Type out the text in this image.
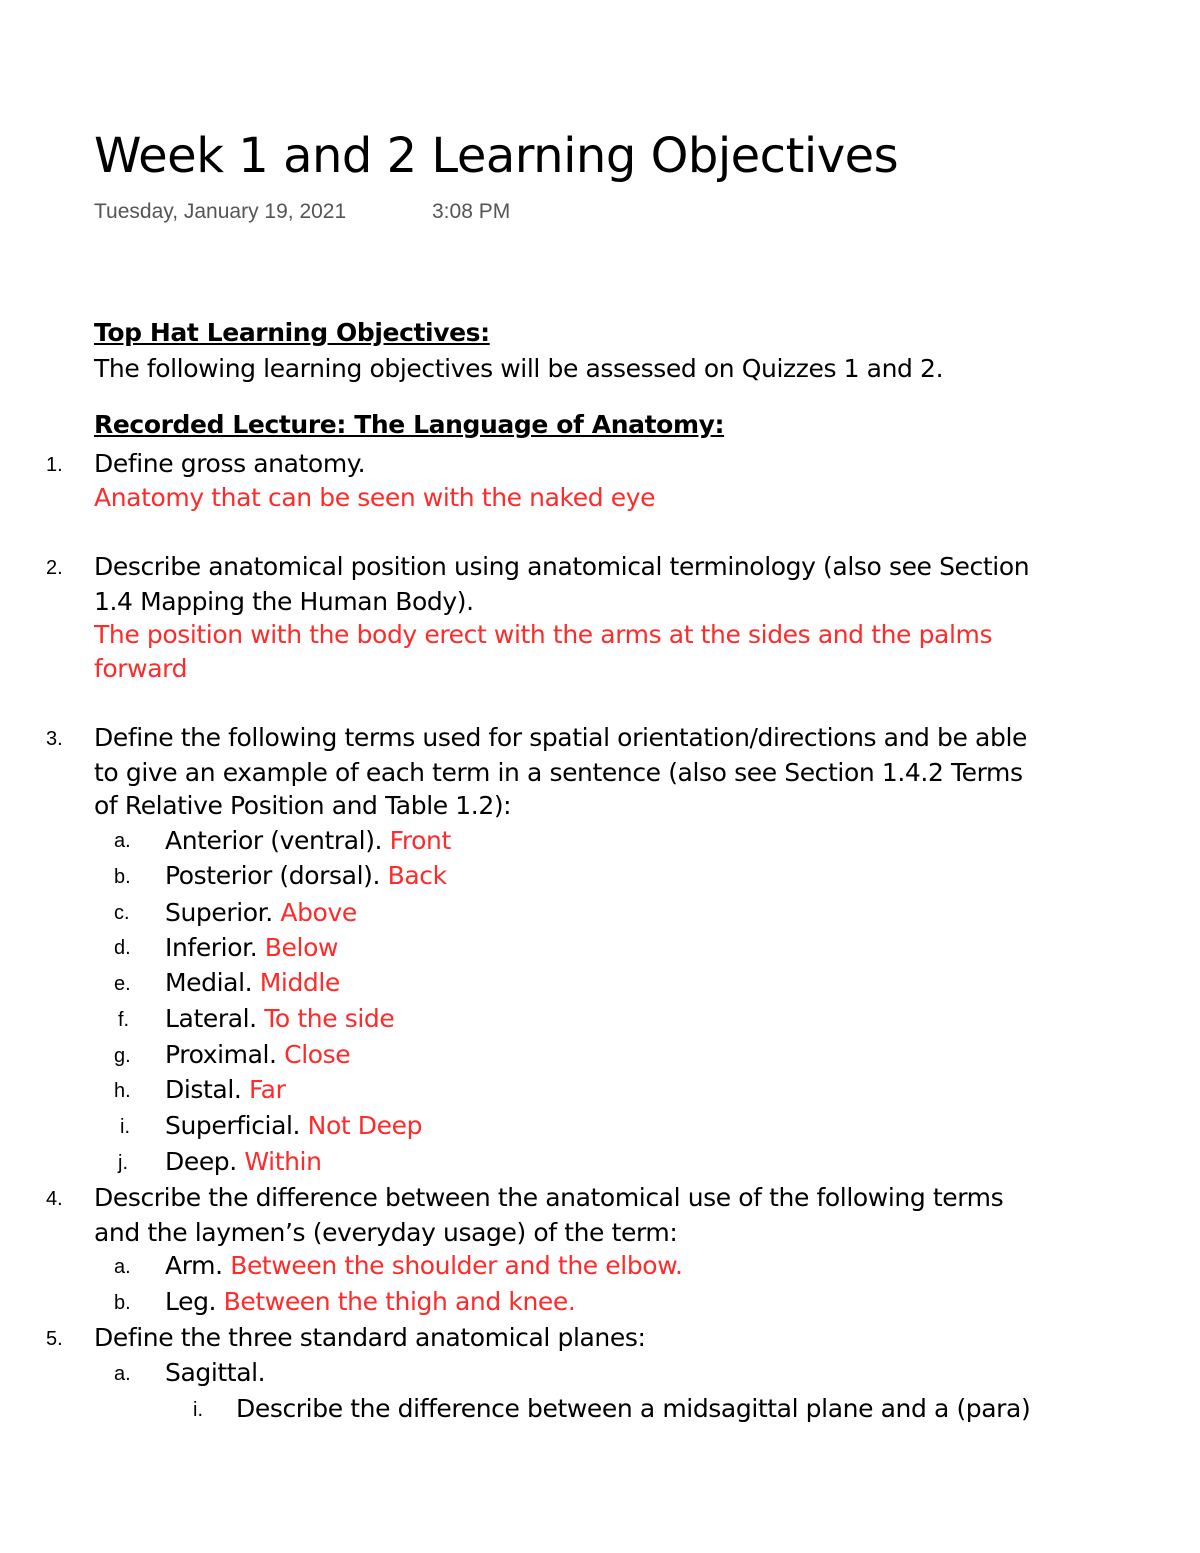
Week 1 and 2 Learning Objectives
Tuesday, January 19, 2021	3:08 PM
Top Hat Learning Objectives:
The following learning objectives will be assessed on Quizzes 1 and 2.
Recorded Lecture: The Language of Anatomy:
1. Define gross anatomy.
Anatomy that can be seen with the naked eye
2. Describe anatomical position using anatomical terminology (also see Section
1.4 Mapping the Human Body).
The position with the body erect with the arms at the sides and the palms
forward
3. Define the following terms used for spatial orientation/directions and be able
to give an example of each term in a sentence (also see Section 1.4.2 Terms
of Relative Position and Table 1.2):
a. Anterior (ventral). Front
b. Posterior (dorsal). Back
c. Superior. Above
d. Inferior. Below
e. Medial. Middle
f. Lateral. To the side
g. Proximal. Close
h. Distal. Far
i. Superficial. Not Deep
j. Deep. Within
4. Describe the difference between the anatomical use of the following terms
and the laymen’s (everyday usage) of the term:
a. Arm. Between the shoulder and the elbow.
b. Leg. Between the thigh and knee.
5. Define the three standard anatomical planes:
a. Sagittal.
i. Describe the difference between a midsagittal plane and a (para)
